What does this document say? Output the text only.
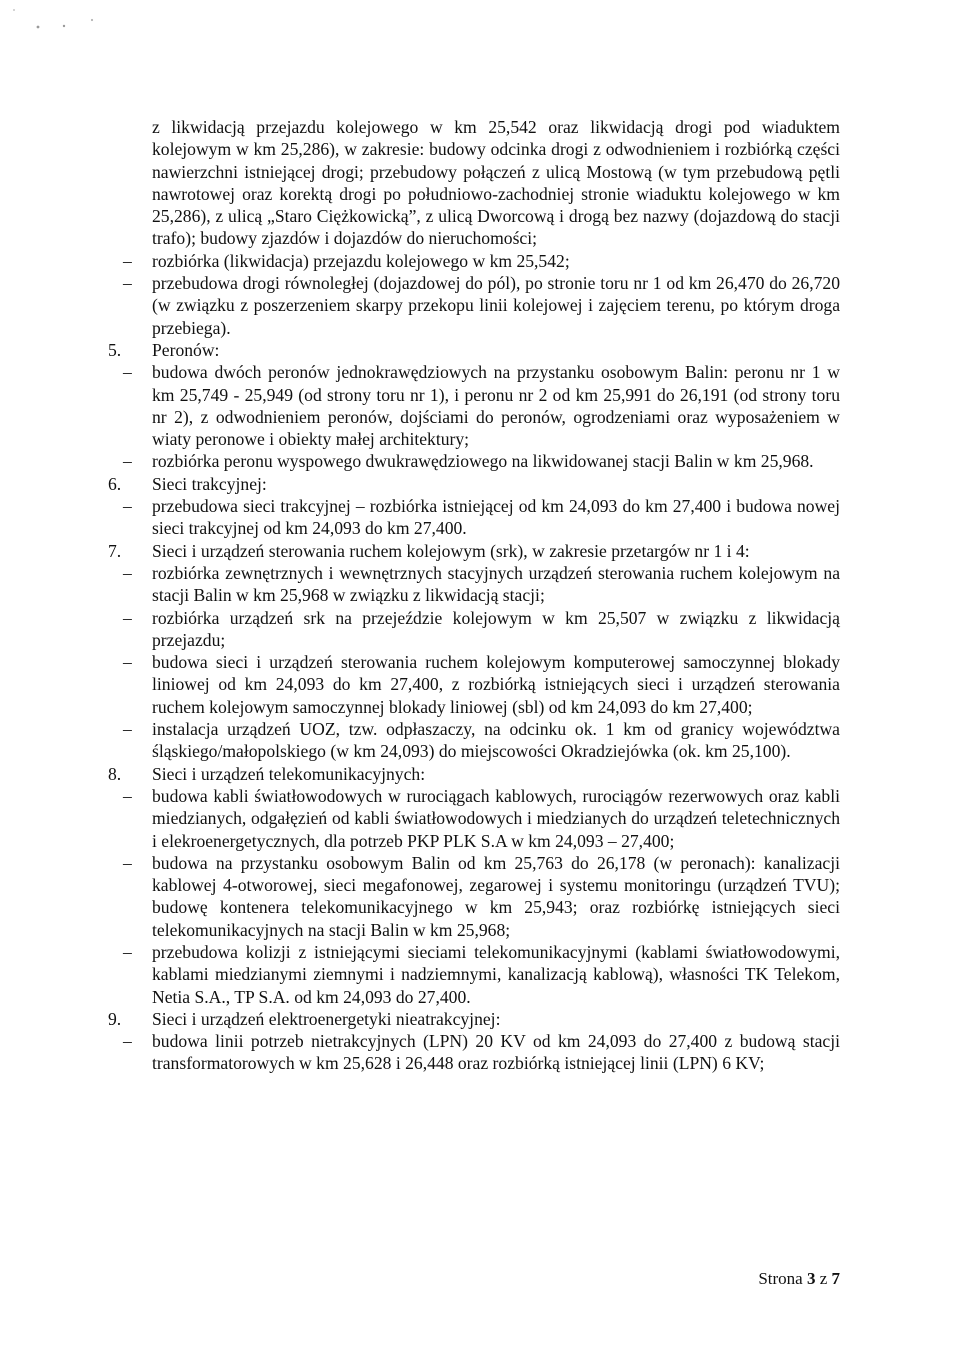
z likwidacją przejazdu kolejowego w km 25,542 oraz likwidacją drogi pod wiaduktem kolejowym w km 25,286), w zakresie: budowy odcinka drogi z odwodnieniem i rozbiórką części nawierzchni istniejącej drogi; przebudowy połączeń z ulicą Mostową (w tym przebudową pętli nawrotowej oraz korektą drogi po południowo-zachodniej stronie wiaduktu kolejowego w km 25,286), z ulicą „Staro Ciężkowicką”, z ulicą Dworcową i drogą bez nazwy (dojazdową do stacji trafo); budowy zjazdów i dojazdów do nieruchomości;

– rozbiórka (likwidacja) przejazdu kolejowego w km 25,542;

– przebudowa drogi równoległej (dojazdowej do pól), po stronie toru nr 1 od km 26,470 do 26,720 (w związku z poszerzeniem skarpy przekopu linii kolejowej i zajęciem terenu, po którym droga przebiega).

5. Peronów:

– budowa dwóch peronów jednokrawędziowych na przystanku osobowym Balin: peronu nr 1 w km 25,749 - 25,949 (od strony toru nr 1), i peronu nr 2 od km 25,991 do 26,191 (od strony toru nr 2), z odwodnieniem peronów, dojściami do peronów, ogrodzeniami oraz wyposażeniem w wiaty peronowe i obiekty małej architektury;

– rozbiórka peronu wyspowego dwukrawędziowego na likwidowanej stacji Balin w km 25,968.

6. Sieci trakcyjnej:

– przebudowa sieci trakcyjnej – rozbiórka istniejącej od km 24,093 do km 27,400 i budowa nowej sieci trakcyjnej od km 24,093 do km 27,400.

7. Sieci i urządzeń sterowania ruchem kolejowym (srk), w zakresie przetargów nr 1 i 4:

– rozbiórka zewnętrznych i wewnętrznych stacyjnych urządzeń sterowania ruchem kolejowym na stacji Balin w km 25,968 w związku z likwidacją stacji;

– rozbiórka urządzeń srk na przejeździe kolejowym w km 25,507 w związku z likwidacją przejazdu;

– budowa sieci i urządzeń sterowania ruchem kolejowym komputerowej samoczynnej blokady liniowej od km 24,093 do km 27,400, z rozbiórką istniejących sieci i urządzeń sterowania ruchem kolejowym samoczynnej blokady liniowej (sbl) od km 24,093 do km 27,400;

– instalacja urządzeń UOZ, tzw. odpłaszaczy, na odcinku ok. 1 km od granicy województwa śląskiego/małopolskiego (w km 24,093) do miejscowości Okradziejówka (ok. km 25,100).

8. Sieci i urządzeń telekomunikacyjnych:

– budowa kabli światłowodowych w rurociągach kablowych, rurociągów rezerwowych oraz kabli miedzianych, odgałęzień od kabli światłowodowych i miedzianych do urządzeń teletechnicznych i elekroenergetycznych, dla potrzeb PKP PLK S.A w km 24,093 – 27,400;

– budowa na przystanku osobowym Balin od km 25,763 do 26,178 (w peronach): kanalizacji kablowej 4-otworowej, sieci megafonowej, zegarowej i systemu monitoringu (urządzeń TVU); budowę kontenera telekomunikacyjnego w km 25,943; oraz rozbiórkę istniejących sieci telekomunikacyjnych na stacji Balin w km 25,968;

– przebudowa kolizji z istniejącymi sieciami telekomunikacyjnymi (kablami światłowodowymi, kablami miedzianymi ziemnymi i nadziemnymi, kanalizacją kablową), własności TK Telekom, Netia S.A., TP S.A. od km 24,093 do 27,400.

9. Sieci i urządzeń elektroenergetyki nieatrakcyjnej:

– budowa linii potrzeb nietrakcyjnych (LPN) 20 KV od km 24,093 do 27,400 z budową stacji transformatorowych w km 25,628 i 26,448 oraz rozbiórką istniejącej linii (LPN) 6 KV;

Strona 3 z 7
